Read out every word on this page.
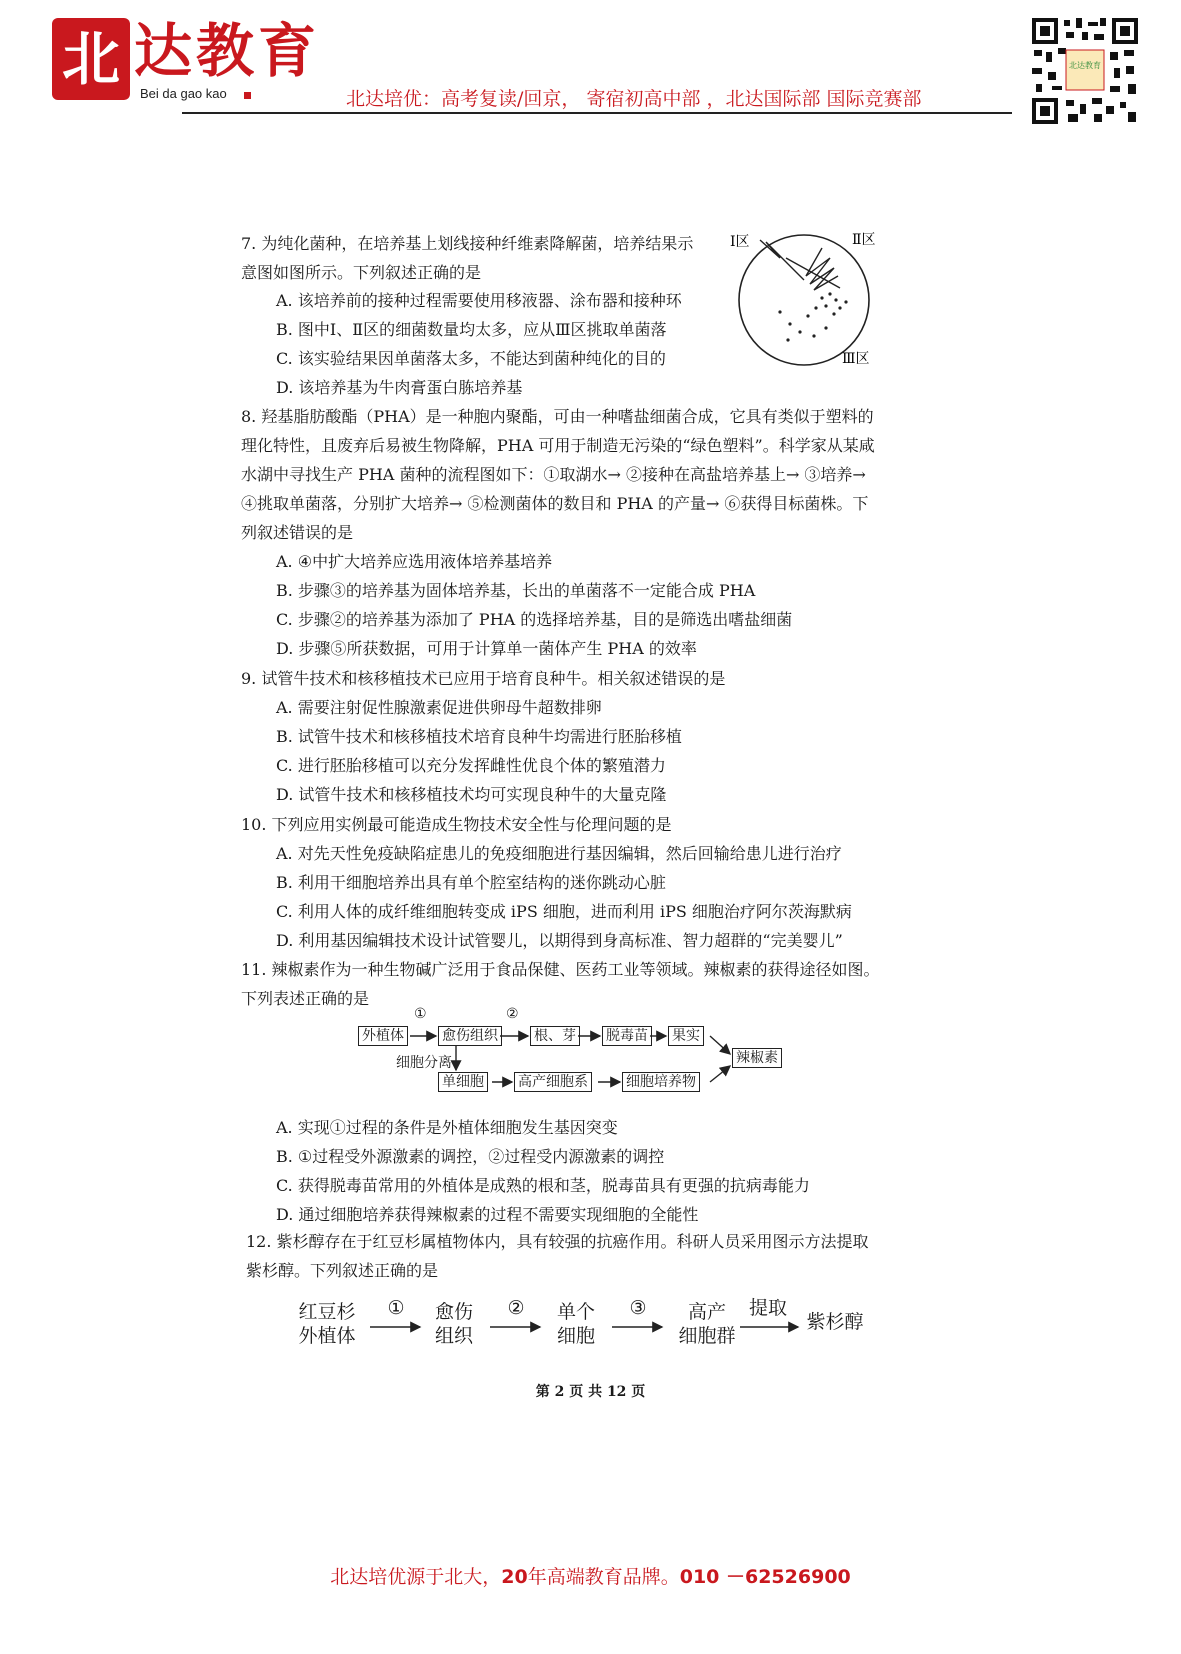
北 达教育
Bei da gao kao	北达培优：高考复读/回京， 寄宿初高中部 ，北达国际部 国际竞赛部
北达教育
7. 为纯化菌种，在培养基上划线接种纤维素降解菌，培养结果示
意图如图所示。下列叙述正确的是
A. 该培养前的接种过程需要使用移液器、涂布器和接种环
B. 图中Ⅰ、Ⅱ区的细菌数量均太多，应从Ⅲ区挑取单菌落
C. 该实验结果因单菌落太多，不能达到菌种纯化的目的
D. 该培养基为牛肉膏蛋白胨培养基
Ⅰ区	Ⅱ区
Ⅲ区
8. 羟基脂肪酸酯（PHA）是一种胞内聚酯，可由一种嗜盐细菌合成，它具有类似于塑料的
理化特性，且废弃后易被生物降解，PHA 可用于制造无污染的“绿色塑料”。科学家从某咸
水湖中寻找生产 PHA 菌种的流程图如下：①取湖水→ ②接种在高盐培养基上→ ③培养→
④挑取单菌落，分别扩大培养→ ⑤检测菌体的数目和 PHA 的产量→ ⑥获得目标菌株。下
列叙述错误的是
A. ④中扩大培养应选用液体培养基培养
B. 步骤③的培养基为固体培养基，长出的单菌落不一定能合成 PHA
C. 步骤②的培养基为添加了 PHA 的选择培养基，目的是筛选出嗜盐细菌
D. 步骤⑤所获数据，可用于计算单一菌体产生 PHA 的效率
9. 试管牛技术和核移植技术已应用于培育良种牛。相关叙述错误的是
A. 需要注射促性腺激素促进供卵母牛超数排卵
B. 试管牛技术和核移植技术培育良种牛均需进行胚胎移植
C. 进行胚胎移植可以充分发挥雌性优良个体的繁殖潜力
D. 试管牛技术和核移植技术均可实现良种牛的大量克隆
10. 下列应用实例最可能造成生物技术安全性与伦理问题的是
A. 对先天性免疫缺陷症患儿的免疫细胞进行基因编辑，然后回输给患儿进行治疗
B. 利用干细胞培养出具有单个腔室结构的迷你跳动心脏
C. 利用人体的成纤维细胞转变成 iPS 细胞，进而利用 iPS 细胞治疗阿尔茨海默病
D. 利用基因编辑技术设计试管婴儿，以期得到身高标准、智力超群的“完美婴儿”
11. 辣椒素作为一种生物碱广泛用于食品保健、医药工业等领域。辣椒素的获得途径如图。
下列表述正确的是
外植体
①
愈伤组织
②
根、芽 脱毒苗 果实
辣椒素
细胞分离
单细胞 高产细胞系	细胞培养物
A. 实现①过程的条件是外植体细胞发生基因突变
B. ①过程受外源激素的调控，②过程受内源激素的调控
C. 获得脱毒苗常用的外植体是成熟的根和茎，脱毒苗具有更强的抗病毒能力
D. 通过细胞培养获得辣椒素的过程不需要实现细胞的全能性
12. 紫杉醇存在于红豆杉属植物体内，具有较强的抗癌作用。科研人员采用图示方法提取
紫杉醇。下列叙述正确的是
红豆杉
外植体
①	愈伤
组织
②	单个
细胞
③	高产
细胞群
提取
紫杉醇
第 2 页 共 12 页
北达培优源于北大，20年高端教育品牌。010 －62526900
